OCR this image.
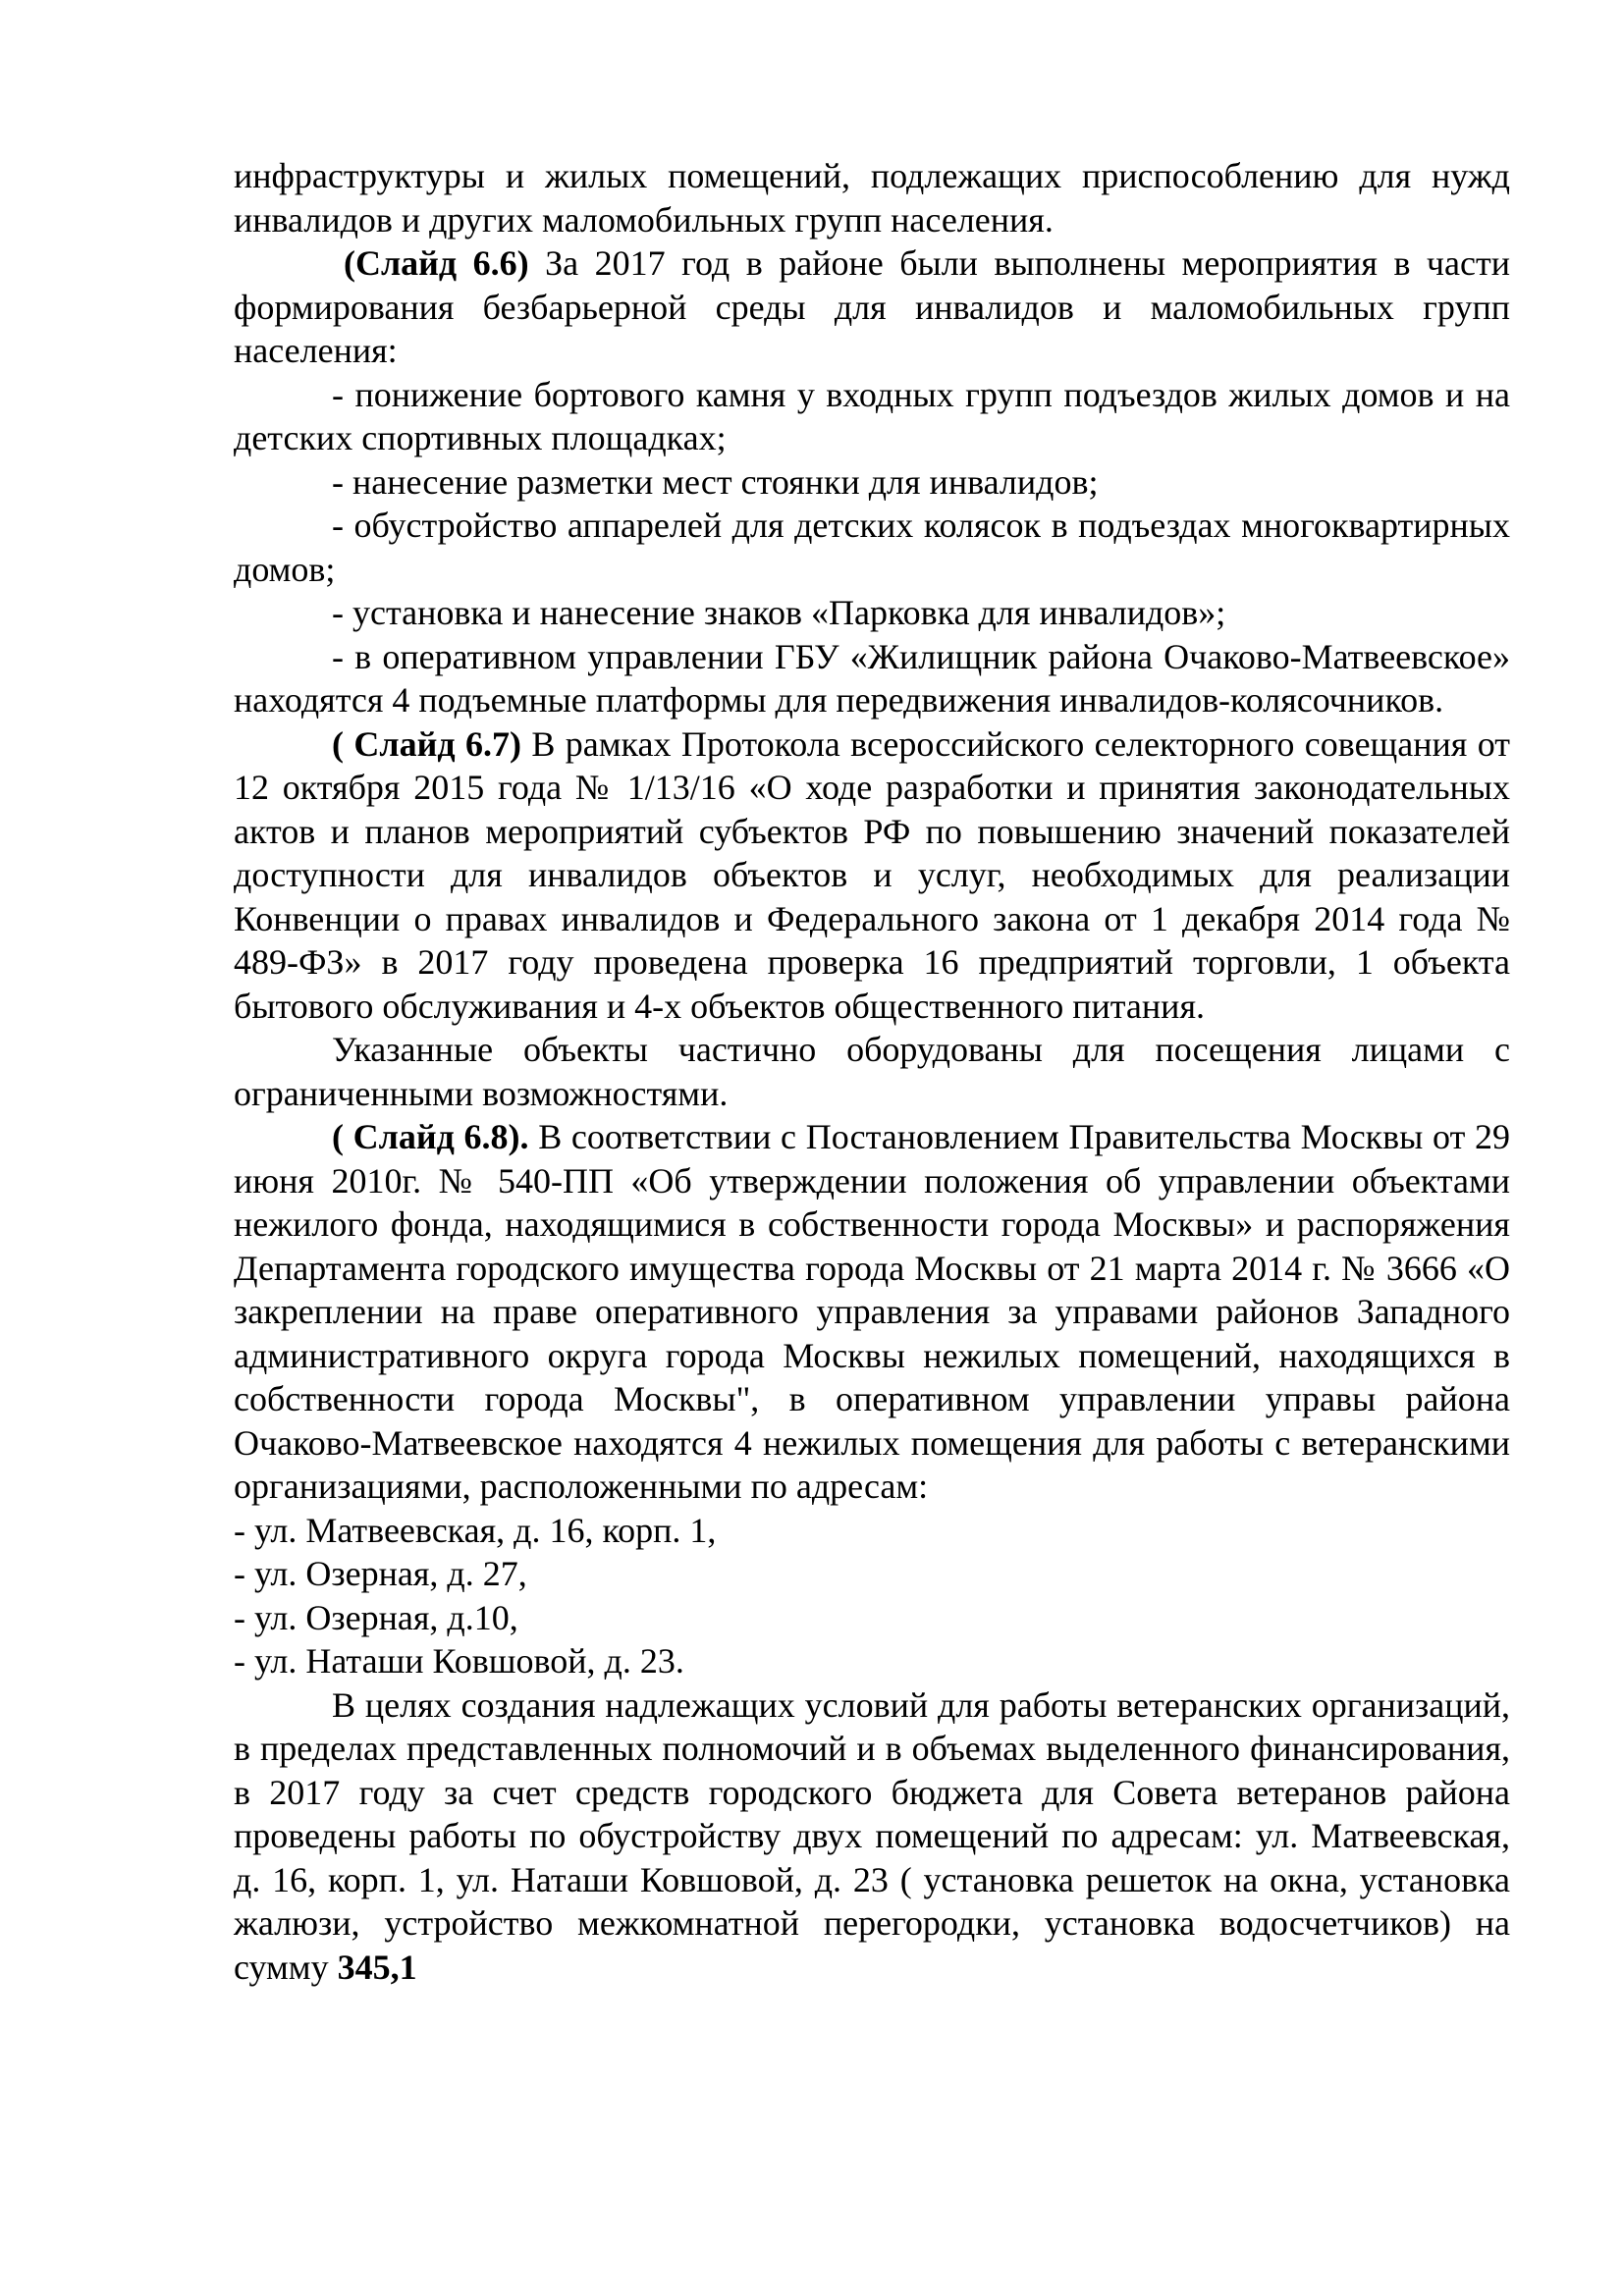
инфраструктуры и жилых помещений, подлежащих приспособлению для нужд инвалидов и других маломобильных групп населения.

(Слайд 6.6) За 2017 год в районе были выполнены мероприятия в части формирования безбарьерной среды для инвалидов и маломобильных групп населения:

- понижение бортового камня у входных групп подъездов жилых домов и на детских спортивных площадках;

- нанесение разметки мест стоянки для инвалидов;

- обустройство аппарелей для детских колясок в подъездах многоквартирных домов;

- установка и нанесение знаков «Парковка для инвалидов»;

- в оперативном управлении ГБУ «Жилищник района Очаково-Матвеевское» находятся 4 подъемные платформы для передвижения инвалидов-колясочников.

( Слайд 6.7) В рамках Протокола всероссийского селекторного совещания от 12 октября 2015 года № 1/13/16 «О ходе разработки и принятия законодательных актов и планов мероприятий субъектов РФ по повышению значений показателей доступности для инвалидов объектов и услуг, необходимых для реализации Конвенции о правах инвалидов и Федерального закона от 1 декабря 2014 года № 489-ФЗ» в 2017 году проведена проверка 16 предприятий торговли, 1 объекта бытового обслуживания и 4-х объектов общественного питания.

Указанные объекты частично оборудованы для посещения лицами с ограниченными возможностями.

( Слайд 6.8). В соответствии с Постановлением Правительства Москвы от 29 июня 2010г. № 540-ПП «Об утверждении положения об управлении объектами нежилого фонда, находящимися в собственности города Москвы» и распоряжения Департамента городского имущества города Москвы от 21 марта 2014 г. № 3666 «О закреплении на праве оперативного управления за управами районов Западного административного округа города Москвы нежилых помещений, находящихся в собственности города Москвы", в оперативном управлении управы района Очаково-Матвеевское находятся 4 нежилых помещения для работы с ветеранскими организациями, расположенными по адресам:

- ул. Матвеевская, д. 16, корп. 1,

- ул. Озерная, д. 27,

- ул. Озерная, д.10,

- ул. Наташи Ковшовой, д. 23.

В целях создания надлежащих условий для работы ветеранских организаций, в пределах представленных полномочий и в объемах выделенного финансирования, в 2017 году за счет средств городского бюджета для Совета ветеранов района проведены работы по обустройству двух помещений по адресам: ул. Матвеевская, д. 16, корп. 1, ул. Наташи Ковшовой, д. 23 ( установка решеток на окна, установка жалюзи, устройство межкомнатной перегородки, установка водосчетчиков) на сумму 345,1
